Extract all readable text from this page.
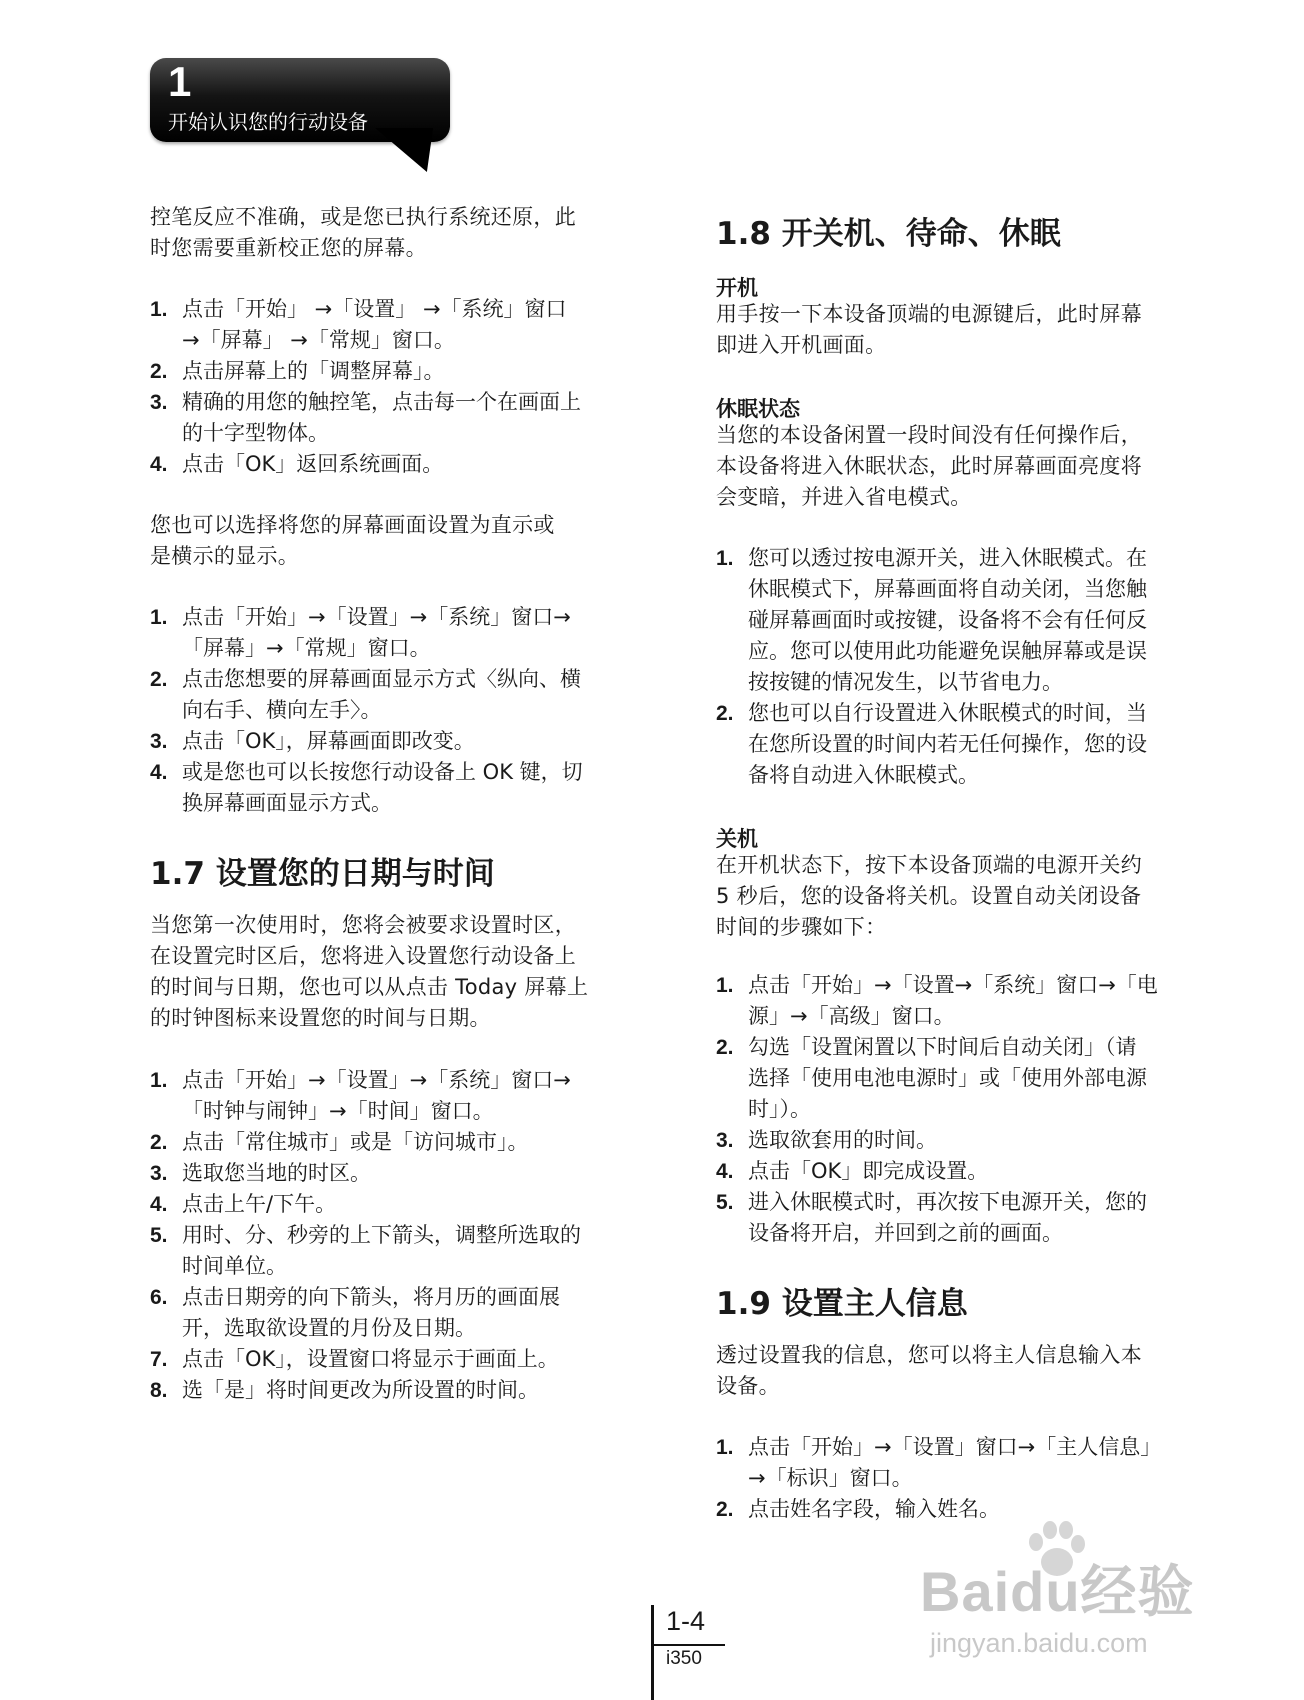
1
开始认识您的行动设备
控笔反应不准确，或是您已执行系统还原，此
时您需要重新校正您的屏幕。
1. 点击「开始」 →「设置」 →「系统」窗口
→「屏幕」 →「常规」窗口。
2. 点击屏幕上的「调整屏幕」。
3. 精确的用您的触控笔，点击每一个在画面上
的十字型物体。
4. 点击「OK」返回系统画面。
您也可以选择将您的屏幕画面设置为直示或
是横示的显示。
1. 点击「开始」→「设置」→「系统」窗口→
「屏幕」→「常规」窗口。
2. 点击您想要的屏幕画面显示方式〈纵向、横
向右手、横向左手〉。
3. 点击「OK」，屏幕画面即改变。
4. 或是您也可以长按您行动设备上 OK 键，切
换屏幕画面显示方式。
1.7 设置您的日期与时间
当您第一次使用时，您将会被要求设置时区，
在设置完时区后，您将进入设置您行动设备上
的时间与日期，您也可以从点击 Today 屏幕上
的时钟图标来设置您的时间与日期。
1. 点击「开始」→「设置」→「系统」窗口→
「时钟与闹钟」→「时间」窗口。
2. 点击「常住城市」或是「访问城市」。
3. 选取您当地的时区。
4. 点击上午/下午。
5. 用时、分、秒旁的上下箭头，调整所选取的
时间单位。
6. 点击日期旁的向下箭头，将月历的画面展
开，选取欲设置的月份及日期。
7. 点击「OK」，设置窗口将显示于画面上。
8. 选「是」将时间更改为所设置的时间。
1.8 开关机、待命、休眠
开机
用手按一下本设备顶端的电源键后，此时屏幕
即进入开机画面。
休眠状态
当您的本设备闲置一段时间没有任何操作后，
本设备将进入休眠状态，此时屏幕画面亮度将
会变暗，并进入省电模式。
1. 您可以透过按电源开关，进入休眠模式。在
休眠模式下，屏幕画面将自动关闭，当您触
碰屏幕画面时或按键，设备将不会有任何反
应。您可以使用此功能避免误触屏幕或是误
按按键的情况发生，以节省电力。
2. 您也可以自行设置进入休眠模式的时间，当
在您所设置的时间内若无任何操作，您的设
备将自动进入休眠模式。
关机
在开机状态下，按下本设备顶端的电源开关约
5 秒后，您的设备将关机。设置自动关闭设备
时间的步骤如下：
1. 点击「开始」→「设置→「系统」窗口→「电
源」→「高级」窗口。
2. 勾选「设置闲置以下时间后自动关闭」（请
选择「使用电池电源时」或「使用外部电源
时」）。
3. 选取欲套用的时间。
4. 点击「OK」即完成设置。
5. 进入休眠模式时，再次按下电源开关，您的
设备将开启，并回到之前的画面。
1.9 设置主人信息
透过设置我的信息，您可以将主人信息输入本
设备。
1. 点击「开始」→「设置」窗口→「主人信息」
→「标识」窗口。
2. 点击姓名字段，输入姓名。
1-4
i350
Baidu经验
jingyan.baidu.com
